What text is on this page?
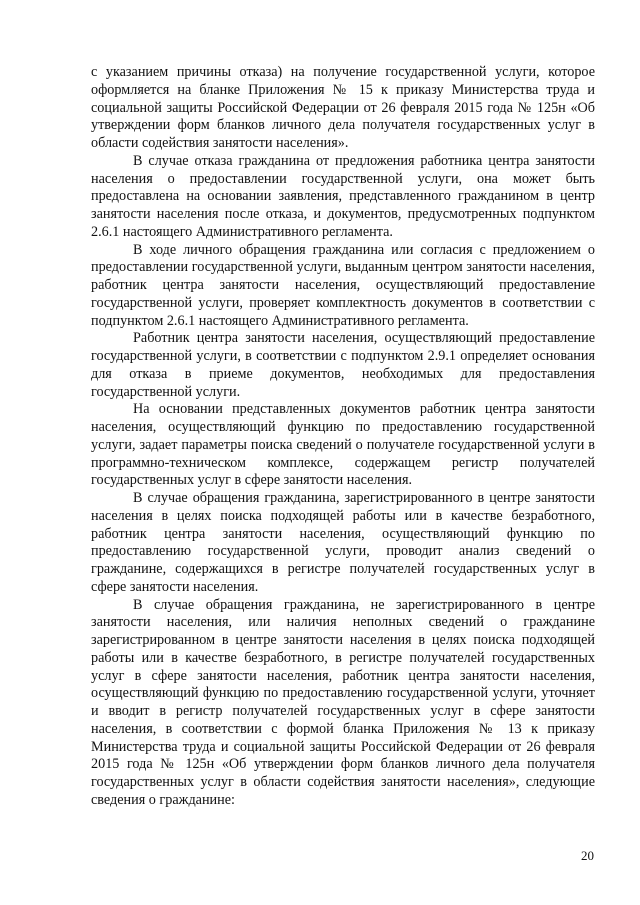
с указанием причины отказа) на получение государственной услуги, которое оформляется на бланке Приложения № 15 к приказу Министерства труда и социальной защиты Российской Федерации от 26 февраля 2015 года № 125н «Об утверждении форм бланков личного дела получателя государственных услуг в области содействия занятости населения».

В случае отказа гражданина от предложения работника центра занятости населения о предоставлении государственной услуги, она может быть предоставлена на основании заявления, представленного гражданином в центр занятости населения после отказа, и документов, предусмотренных подпунктом 2.6.1 настоящего Административного регламента.

В ходе личного обращения гражданина или согласия с предложением о предоставлении государственной услуги, выданным центром занятости населения, работник центра занятости населения, осуществляющий предоставление государственной услуги, проверяет комплектность документов в соответствии с подпунктом 2.6.1 настоящего Административного регламента.

Работник центра занятости населения, осуществляющий предоставление государственной услуги, в соответствии с подпунктом 2.9.1 определяет основания для отказа в приеме документов, необходимых для предоставления государственной услуги.

На основании представленных документов работник центра занятости населения, осуществляющий функцию по предоставлению государственной услуги, задает параметры поиска сведений о получателе государственной услуги в программно-техническом комплексе, содержащем регистр получателей государственных услуг в сфере занятости населения.

В случае обращения гражданина, зарегистрированного в центре занятости населения в целях поиска подходящей работы или в качестве безработного, работник центра занятости населения, осуществляющий функцию по предоставлению государственной услуги, проводит анализ сведений о гражданине, содержащихся в регистре получателей государственных услуг в сфере занятости населения.

В случае обращения гражданина, не зарегистрированного в центре занятости населения, или наличия неполных сведений о гражданине зарегистрированном в центре занятости населения в целях поиска подходящей работы или в качестве безработного, в регистре получателей государственных услуг в сфере занятости населения, работник центра занятости населения, осуществляющий функцию по предоставлению государственной услуги, уточняет и вводит в регистр получателей государственных услуг в сфере занятости населения, в соответствии с формой бланка Приложения № 13 к приказу Министерства труда и социальной защиты Российской Федерации от 26 февраля 2015 года № 125н «Об утверждении форм бланков личного дела получателя государственных услуг в области содействия занятости населения», следующие сведения о гражданине:

20
